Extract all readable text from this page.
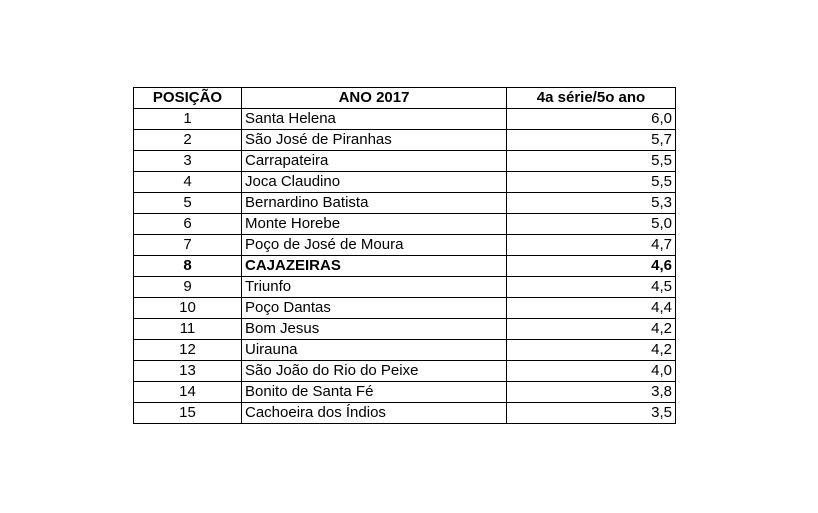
POSIÇÃO	ANO 2017	4a série/5o ano
1	Santa Helena	6,0
2	São José de Piranhas	5,7
3	Carrapateira	5,5
4	Joca Claudino	5,5
5	Bernardino Batista	5,3
6	Monte Horebe	5,0
7	Poço de José de Moura	4,7
8	CAJAZEIRAS	4,6
9	Triunfo	4,5
10	Poço Dantas	4,4
11	Bom Jesus	4,2
12	Uirauna	4,2
13	São João do Rio do Peixe	4,0
14	Bonito de Santa Fé	3,8
15	Cachoeira dos Índios	3,5
